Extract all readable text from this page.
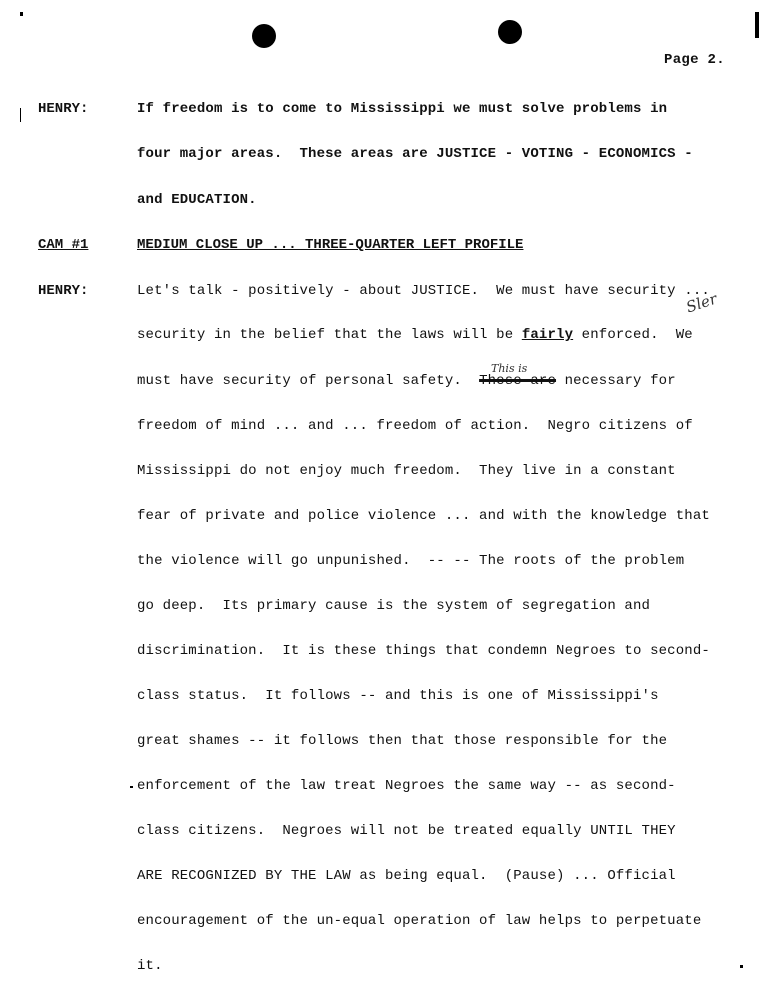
Page 2.
HENRY:	If freedom is to come to Mississippi we must solve problems in
four major areas.  These areas are JUSTICE - VOTING - ECONOMICS -
and EDUCATION.
CAM #1	MEDIUM CLOSE UP ... THREE-QUARTER LEFT PROFILE
HENRY:	Let's talk - positively - about JUSTICE.  We must have security ...
security in the belief that the laws will be fairly enforced.  We
must have security of personal safety.  These are necessary for
freedom of mind ... and ... freedom of action.  Negro citizens of
Mississippi do not enjoy much freedom.  They live in a constant
fear of private and police violence ... and with the knowledge that
the violence will go unpunished.  -- -- The roots of the problem
go deep.  Its primary cause is the system of segregation and
discrimination.  It is these things that condemn Negroes to second-
class status.  It follows -- and this is one of Mississippi's
great shames -- it follows then that those responsible for the
enforcement of the law treat Negroes the same way -- as second-
class citizens.  Negroes will not be treated equally UNTIL THEY
ARE RECOGNIZED BY THE LAW as being equal.  (Pause) ... Official
encouragement of the un-equal operation of law helps to perpetuate
it.
This is
Sler
